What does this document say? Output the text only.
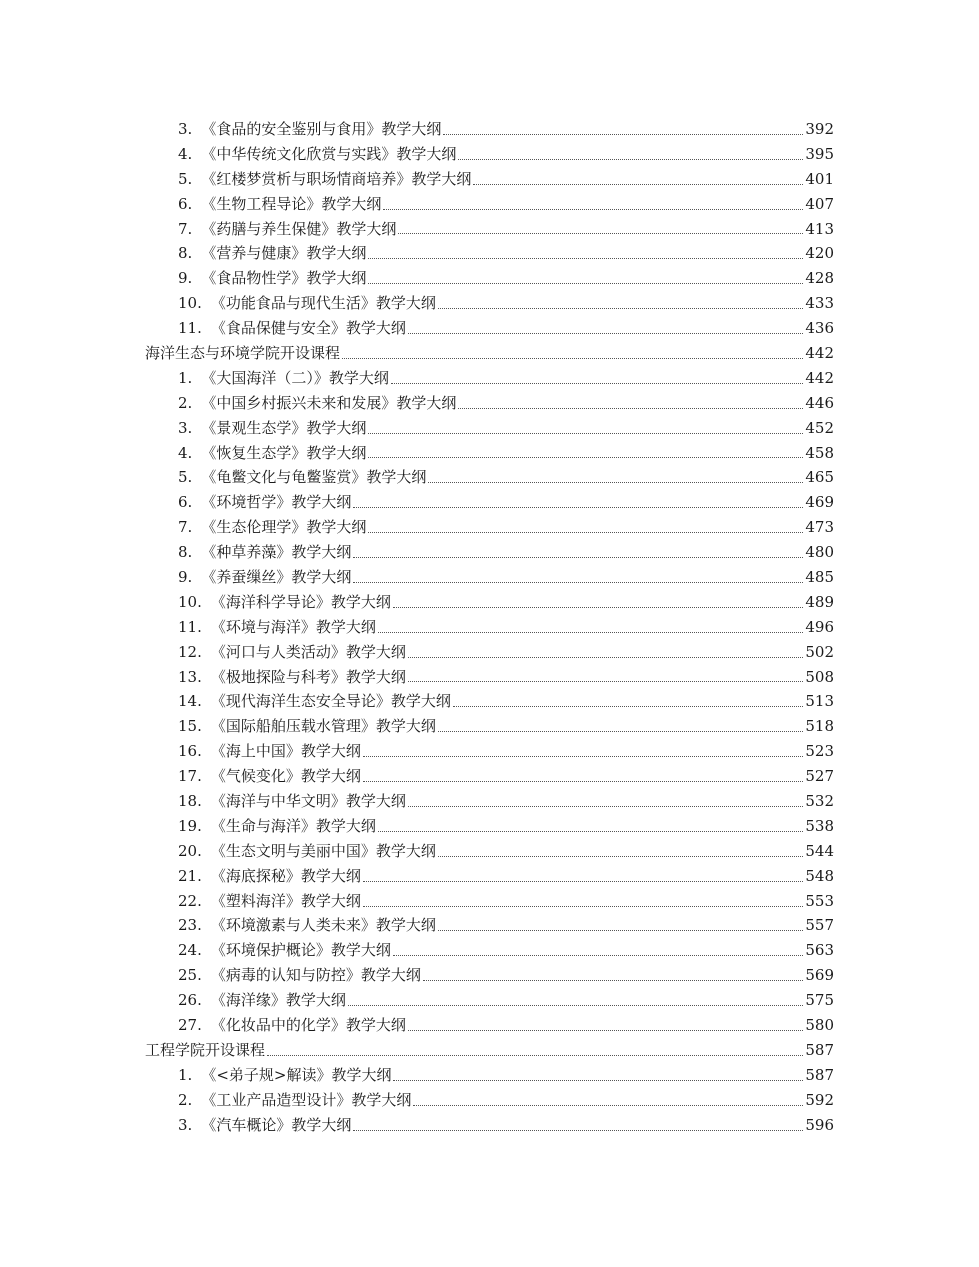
3. 《食品的安全鉴别与食用》教学大纲	392
4. 《中华传统文化欣赏与实践》教学大纲	395
5. 《红楼梦赏析与职场情商培养》教学大纲	401
6. 《生物工程导论》教学大纲	407
7. 《药膳与养生保健》教学大纲	413
8. 《营养与健康》教学大纲	420
9. 《食品物性学》教学大纲	428
10. 《功能食品与现代生活》教学大纲	433
11. 《食品保健与安全》教学大纲	436
海洋生态与环境学院开设课程	442
1. 《大国海洋（二）》教学大纲	442
2. 《中国乡村振兴未来和发展》教学大纲	446
3. 《景观生态学》教学大纲	452
4. 《恢复生态学》教学大纲	458
5. 《龟鳖文化与龟鳖鉴赏》教学大纲	465
6. 《环境哲学》教学大纲	469
7. 《生态伦理学》教学大纲	473
8. 《种草养藻》教学大纲	480
9. 《养蚕缫丝》教学大纲	485
10. 《海洋科学导论》教学大纲	489
11. 《环境与海洋》教学大纲	496
12. 《河口与人类活动》教学大纲	502
13. 《极地探险与科考》教学大纲	508
14. 《现代海洋生态安全导论》教学大纲	513
15. 《国际船舶压载水管理》教学大纲	518
16. 《海上中国》教学大纲	523
17. 《气候变化》教学大纲	527
18. 《海洋与中华文明》教学大纲	532
19. 《生命与海洋》教学大纲	538
20. 《生态文明与美丽中国》教学大纲	544
21. 《海底探秘》教学大纲	548
22. 《塑料海洋》教学大纲	553
23. 《环境激素与人类未来》教学大纲	557
24. 《环境保护概论》教学大纲	563
25. 《病毒的认知与防控》教学大纲	569
26. 《海洋缘》教学大纲	575
27. 《化妆品中的化学》教学大纲	580
工程学院开设课程	587
1. 《<弟子规>解读》教学大纲	587
2. 《工业产品造型设计》教学大纲	592
3. 《汽车概论》教学大纲	596
